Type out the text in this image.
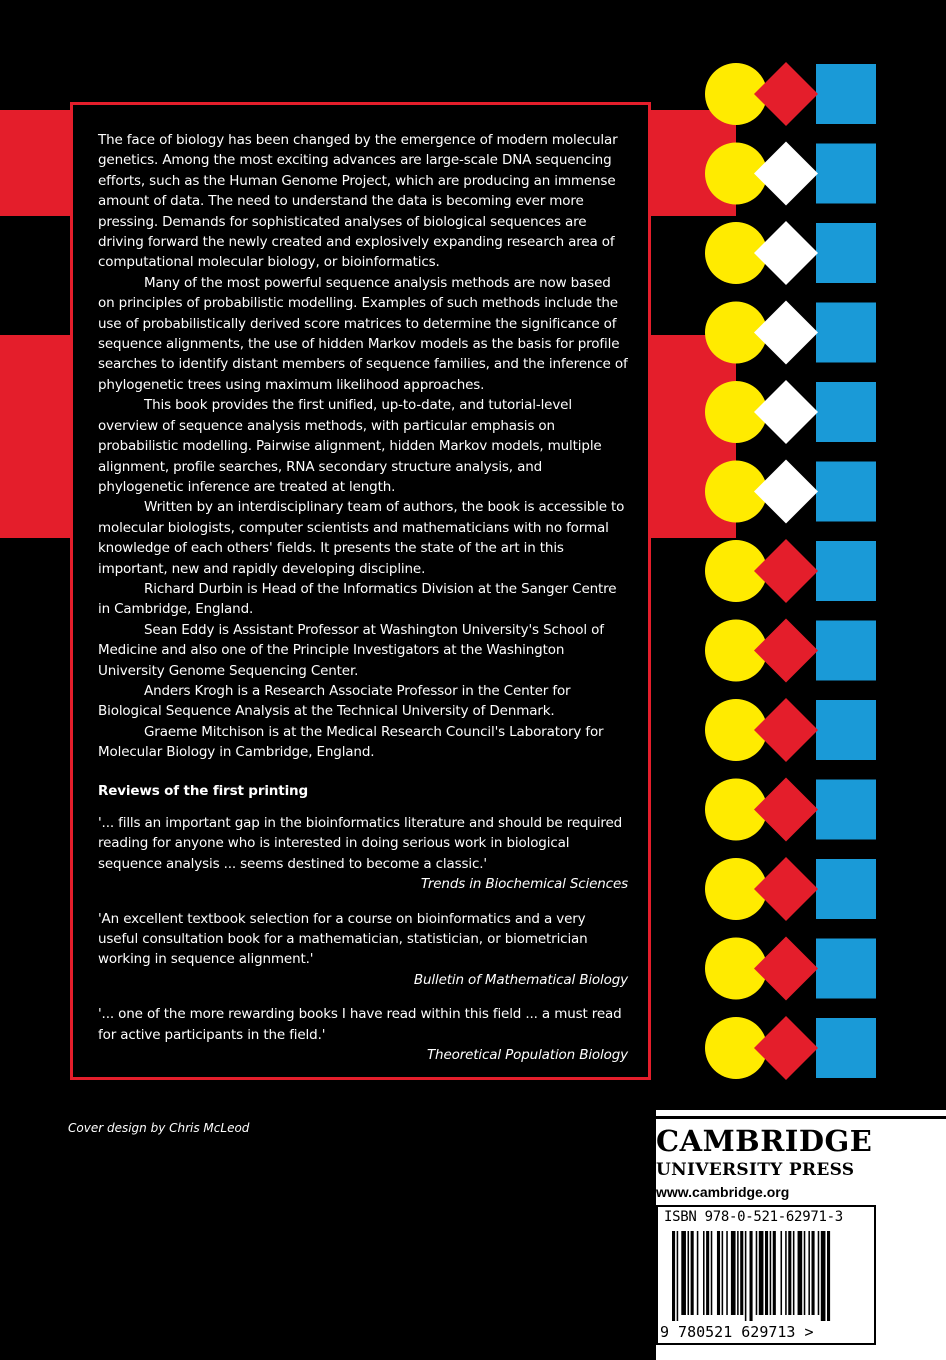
The face of biology has been changed by the emergence of modern molecular genetics. Among the most exciting advances are large-scale DNA sequencing efforts, such as the Human Genome Project, which are producing an immense amount of data. The need to understand the data is becoming ever more pressing. Demands for sophisticated analyses of biological sequences are driving forward the newly created and explosively expanding research area of computational molecular biology, or bioinformatics.

Many of the most powerful sequence analysis methods are now based on principles of probabilistic modelling. Examples of such methods include the use of probabilistically derived score matrices to determine the significance of sequence alignments, the use of hidden Markov models as the basis for profile searches to identify distant members of sequence families, and the inference of phylogenetic trees using maximum likelihood approaches.

This book provides the first unified, up-to-date, and tutorial-level overview of sequence analysis methods, with particular emphasis on probabilistic modelling. Pairwise alignment, hidden Markov models, multiple alignment, profile searches, RNA secondary structure analysis, and phylogenetic inference are treated at length.

Written by an interdisciplinary team of authors, the book is accessible to molecular biologists, computer scientists and mathematicians with no formal knowledge of each others' fields. It presents the state of the art in this important, new and rapidly developing discipline.

Richard Durbin is Head of the Informatics Division at the Sanger Centre in Cambridge, England.

Sean Eddy is Assistant Professor at Washington University's School of Medicine and also one of the Principle Investigators at the Washington University Genome Sequencing Center.

Anders Krogh is a Research Associate Professor in the Center for Biological Sequence Analysis at the Technical University of Denmark.

Graeme Mitchison is at the Medical Research Council's Laboratory for Molecular Biology in Cambridge, England.

Reviews of the first printing

'... fills an important gap in the bioinformatics literature and should be required reading for anyone who is interested in doing serious work in biological sequence analysis ... seems destined to become a classic.'

Trends in Biochemical Sciences

'An excellent textbook selection for a course on bioinformatics and a very useful consultation book for a mathematician, statistician, or biometrician working in sequence alignment.'

Bulletin of Mathematical Biology

'... one of the more rewarding books I have read within this field ... a must read for active participants in the field.'

Theoretical Population Biology

Cover design by Chris McLeod	CAMBRIDGE
UNIVERSITY PRESS
www.cambridge.org
ISBN 978-0-521-62971-3
9 780521 629713 >
